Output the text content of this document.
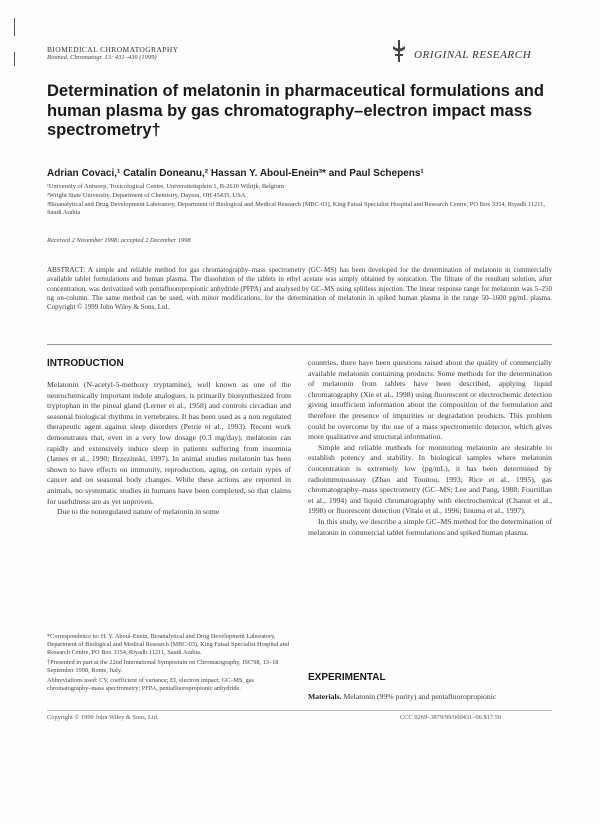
BIOMEDICAL CHROMATOGRAPHY
Biomed. Chromatogr. 13: 431–436 (1999)	ORIGINAL RESEARCH
Determination of melatonin in pharmaceutical formulations and human plasma by gas chromatography–electron impact mass spectrometry†
Adrian Covaci,¹ Catalin Doneanu,² Hassan Y. Aboul-Enein³* and Paul Schepens¹
¹University of Antwerp, Toxicological Centre, Universiteitsplein 1, B-2610 Wilrijk, Belgium
²Wright State University, Department of Chemistry, Dayton, OH 45435, USA
³Bioanalytical and Drug Development Laboratory, Department of Biological and Medical Research (MBC-03), King Faisal Specialist Hospital and Research Centre, PO Box 3354, Riyadh 11211, Saudi Arabia
Received 2 November 1998; accepted 2 December 1998
ABSTRACT: A simple and reliable method for gas chromatography–mass spectrometry (GC–MS) has been developed for the determination of melatonin in commercially available tablet formulations and human plasma. The dissolution of the tablets in ethyl acetate was simply obtained by sonication. The filtrate of the resultant solution, after concentration, was derivatized with pentafluoropropionic anhydride (PFPA) and analysed by GC–MS using splitless injection. The linear response range for melatonin was 5–250 ng on-column. The same method can be used, with minor modifications, for the determination of melatonin in spiked human plasma in the range 50–1600 pg/mL plasma. Copyright © 1999 John Wiley & Sons, Ltd.
INTRODUCTION

Melatonin (N-acetyl-5-methoxy tryptamine), well known as one of the neurochemically important indole analogues, is primarily biosynthesized from tryptophan in the pineal gland (Lerner et al., 1958) and controls circadian and seasonal biological rhythms in vertebrates. It has been used as a non regulated therapeutic agent against sleep disorders (Petrie et al., 1993). Recent work demonstrates that, even in a very low dosage (0.3 mg/day), melatonin can rapidly and extensively induce sleep in patients suffering from insomnia (James et al., 1990; Brzezinski, 1997). In animal studies melatonin has been shown to have effects on immunity, reproduction, aging, on certain types of cancer and on seasonal body changes. While these actions are reported in animals, no systematic studies in humans have been completed, so that claims for usefulness are as yet unproven.

Due to the nonregulated nature of melatonin in some

*Correspondence to: H. Y. Aboul-Enein, Bioanalytical and Drug Development Laboratory, Department of Biological and Medical Research (MBC-03), King Faisal Specialist Hospital and Research Centre, PO Box 3354, Riyadh 11211, Saudi Arabia.

†Presented in part at the 22nd International Symposium on Chromatography, ISC'98, 13–18 September 1998, Rome, Italy.

Abbreviations used: CV, coefficient of variance; EI, electron impact; GC–MS, gas chromatography–mass spectrometry; PFPA, pentafluoropropionic anhydride.

countries, there have been questions raised about the quality of commercially available melatonin containing products. Some methods for the determination of melatonin from tablets have been described, applying liquid chromatography (Xie et al., 1998) using fluorescent or electrochemic detection giving insufficient information about the composition of the formulation and therefore the presence of impurities or degradation products. This problem could be overcome by the use of a mass spectrometric detector, which gives more qualitative and structural information.

Simple and reliable methods for monitoring melatonin are desirable to establish potency and stability. In biological samples where melatonin concentration is extremely low (pg/mL), it has been determined by radioimmunoassay (Zhao and Touitou, 1993; Rice et al., 1995), gas chromatography–mass spectrometry (GC–MS; Lee and Pang, 1988; Fourtillan et al., 1994) and liquid chromatography with electrochemical (Chanut et al., 1998) or fluorescent detection (Vitale et al., 1996; Iinuma et al., 1997).

In this study, we describe a simple GC–MS method for the determination of melatonin in commercial tablet formulations and spiked human plasma.

EXPERIMENTAL
Materials. Melatonin (99% purity) and pentafluoropropionic
Copyright © 1999 John Wiley & Sons, Ltd.	CCC 0269–3879/99/060431–06 $17.50
